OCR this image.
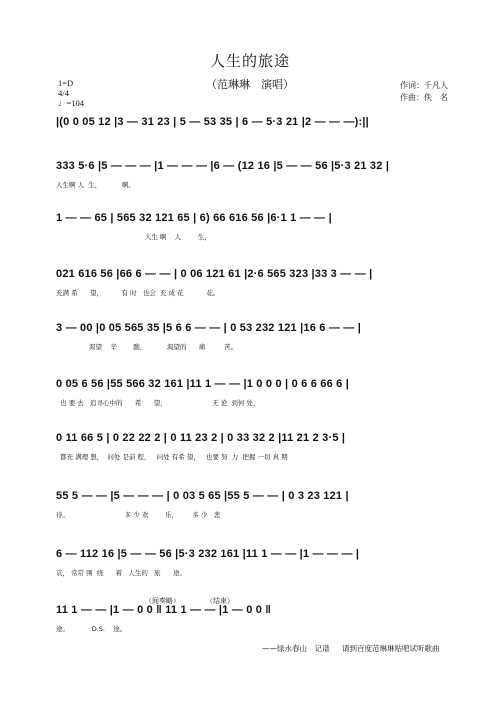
人生的旅途
（范琳琳　演唱）
1=D
4/4
♩=104
作词：千凡人
作曲：佚　名
|(0 0 05 12 |3 — 31 23 | 5 — 53 35 | 6 — 5·3 21 |2 — — —):||
333 5·6 |5 — — — |1 — — — |6 — (12 16 |5 — — 56 |5·3 21 32 |
人生啊 人  生，          啊。
1 — — 65 | 565 32 121 65 | 6) 66 616 56 |6·1 1 — — |
人生 啊    人        生，
021 616 56 |66 6 — — | 0 06 121 61 |2·6 565 323 |33 3 — — |
充满 希      望，         有 时   也会  充 成 花           花。
3 — 00 |0 05 565 35 |5 6 6 — — | 0 53 232 121 |16 6 — — |
渴望    辛        酸，          渴望的      痛         苦。
0 05 6 56 |55 566 32 161 |11 1 — — |1 0 0 0 | 0 6 6 66 6 |
也 要 去   追寻心中的      希      望，                      无 论  到何 处，
0 11 66 5 | 0 22 22 2 | 0 11 23 2 | 0 33 32 2 |11 21 2 3·5 |
都充 满理 想，  问处 是前 程，   问处 有希 望，   也要 努  力  把握 一切 真 期
55 5 — — |5 — — — | 0 03 5 65 |55 5 — — | 0 3 23 121 |
待。                           多 少 欢        乐，       多 少   悲
6 — 112 16 |5 — — 56 |5·3 232 161 |11 1 — — |1 — — — |
哀， 常常 围  绕      着   人生的   旅      途。
11 1 — — |1 — 0 0 ‖ 11 1 — — |1 — 0 0 ‖
途。           D.S.    途。
（间奏略）	（结束）
——绿水春山　记谱 请到百度范琳琳贴吧试听歌曲
